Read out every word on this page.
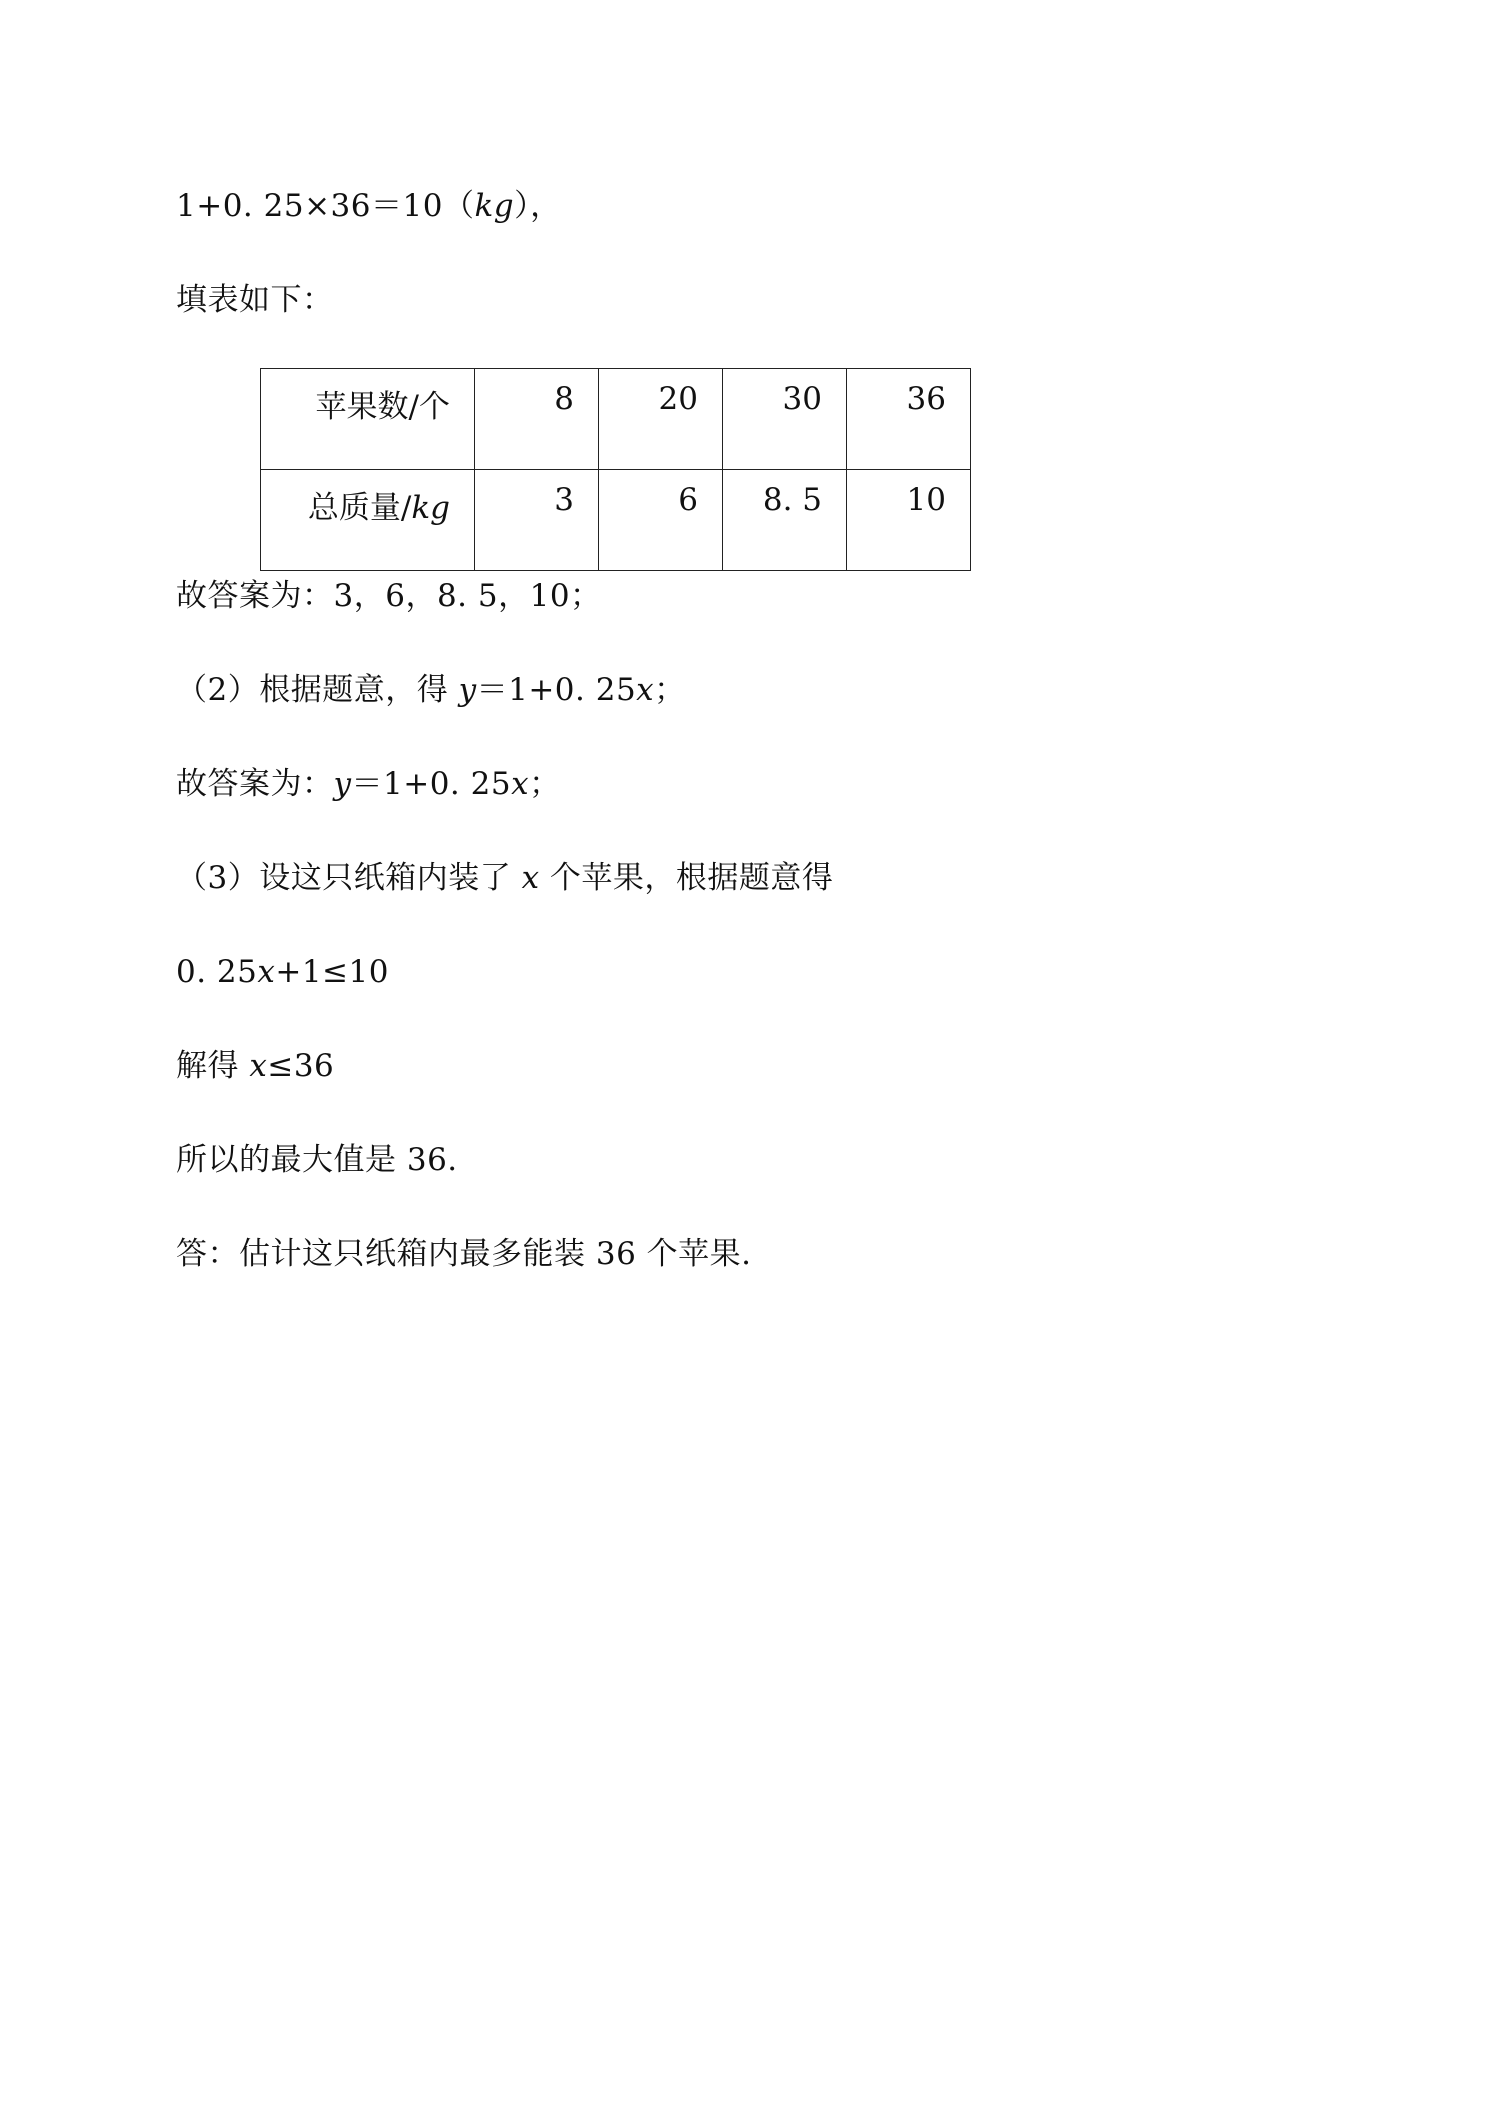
1+0. 25×36＝10（kg），
填表如下：
苹果数/个	8	20	30	36
总质量/kg	3	6	8. 5	10
故答案为：3，6，8. 5，10；
（2）根据题意，得 y＝1+0. 25x；
故答案为：y＝1+0. 25x；
（3）设这只纸箱内装了 x 个苹果，根据题意得
0. 25x+1≤10
解得 x≤36
所以的最大值是 36.
答：估计这只纸箱内最多能装 36 个苹果.
